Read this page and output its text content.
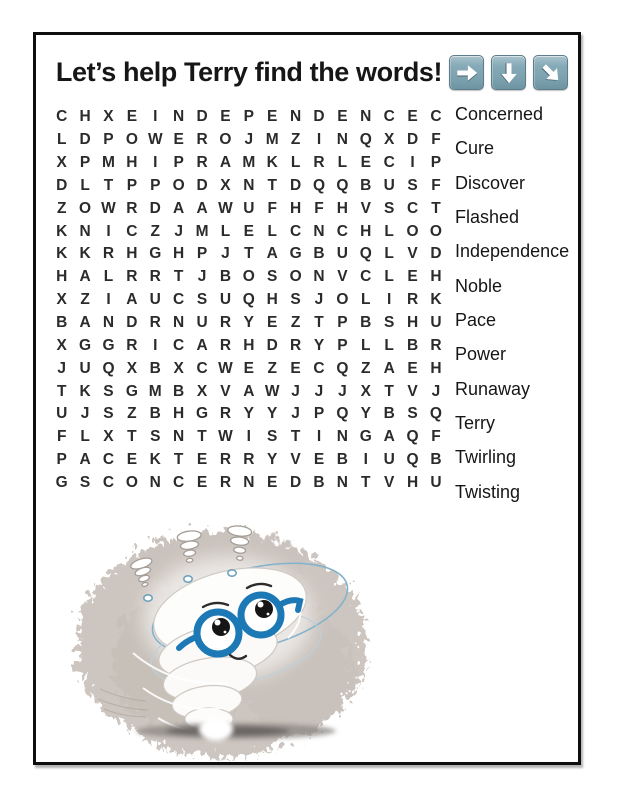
Let’s help Terry find the words!
C H X E	I	N D E P E N D E N C E C
L D P O W E R O J M Z	I	N Q X D F
X P M H	I	P R A M K L R L E C	I	P
D L T P P O D X N T D Q Q B U S F
Z O W R D A A W U F H F H V S C T
K N	I	C Z J M L E L C N C H L O O
K K R H G H P J T A G B U Q L V D
H A L R R T J B O S O N V C L E H
X Z	I	A U C S U Q H S J O L	I	R K
B A N D R N U R Y E Z T P B S H U
X G G R	I	C A R H D R Y P L L B R
J U Q X B X C W E Z E C Q Z A E H
T K S G M B X V A W J J J X T V J
U J S Z B H G R Y Y J P Q Y B S Q
F L X T S N T W I	S T	I	N G A Q F
P A C E K T E R R Y V E B	I	U Q B
G S C O N C E R N E D B N T V H U
Concerned
Cure
Discover
Flashed
Independence
Noble
Pace
Power
Runaway
Terry
Twirling
Twisting
